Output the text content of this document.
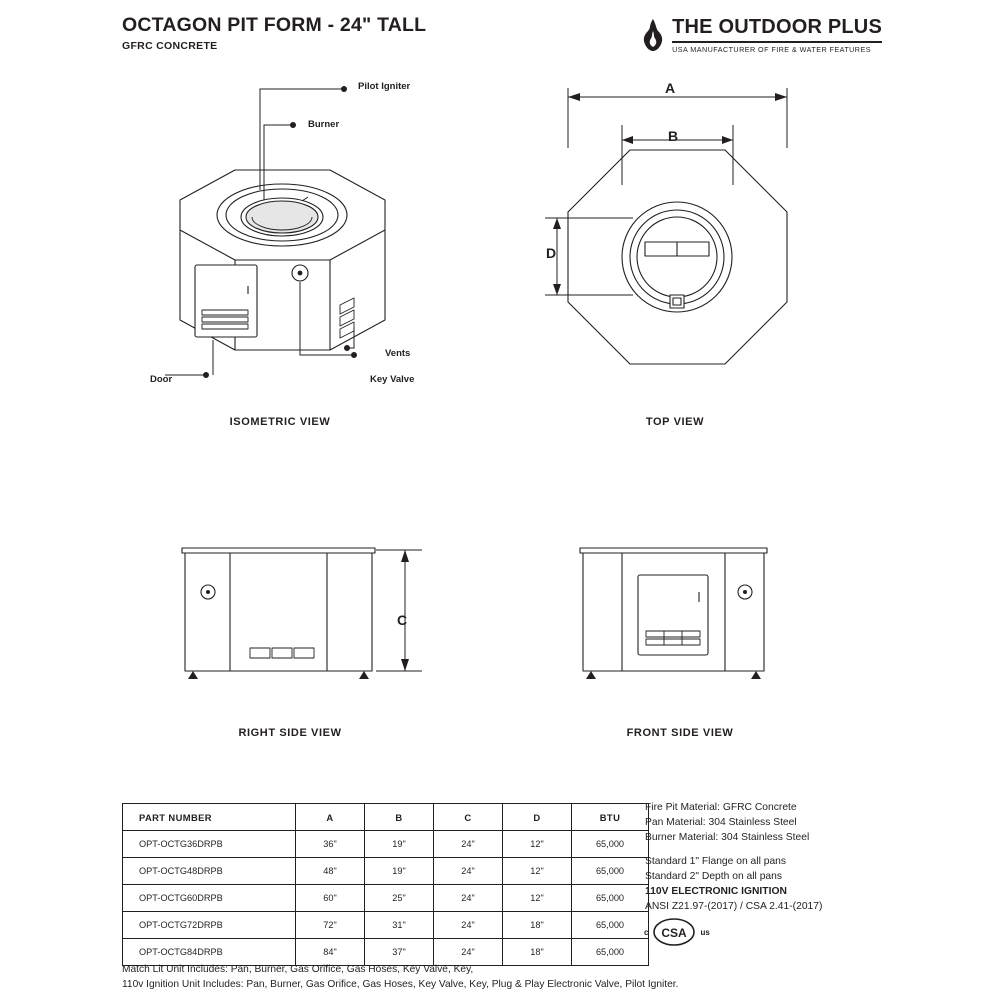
OCTAGON PIT FORM - 24" TALL
GFRC CONCRETE
THE OUTDOOR PLUS
USA MANUFACTURER OF FIRE & WATER FEATURES
Pilot Igniter
Burner
Vents
Key Valve
Door
ISOMETRIC VIEW
A
B
D
TOP VIEW
C
RIGHT SIDE VIEW	FRONT SIDE VIEW
PART NUMBER	A	B	C	D	BTU
OPT-OCTG36DRPB	36"	19"	24"	12"	65,000
OPT-OCTG48DRPB	48"	19"	24"	12"	65,000
OPT-OCTG60DRPB	60"	25"	24"	12"	65,000
OPT-OCTG72DRPB	72"	31"	24"	18"	65,000
OPT-OCTG84DRPB	84"	37"	24"	18"	65,000
Fire Pit Material: GFRC Concrete
Pan Material: 304 Stainless Steel
Burner Material: 304 Stainless Steel
Standard 1" Flange on all pans
Standard 2" Depth on all pans
110V ELECTRONIC IGNITION
ANSI Z21.97-(2017) / CSA 2.41-(2017)
c CSA us
Match Lit Unit Includes: Pan, Burner, Gas Orifice, Gas Hoses, Key Valve, Key,
110v Ignition Unit Includes: Pan, Burner, Gas Orifice, Gas Hoses, Key Valve, Key, Plug & Play Electronic Valve, Pilot Igniter.
